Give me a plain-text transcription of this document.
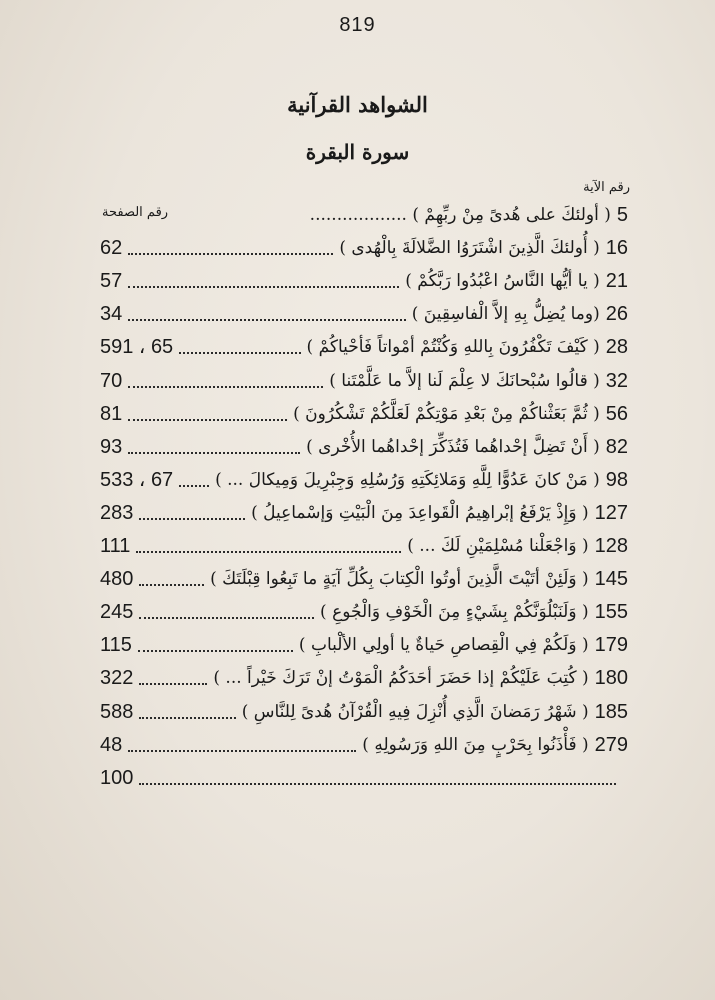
819
الشواهد القرآنية
سورة البقرة
رقم الآية
رقم الصفحة	5
( أولئكَ على هُدىً مِنْ ربِّهِمْ ) ..................
16
( أُولئكَ الَّذِينَ اشْتَرَوُا الضَّلالَةَ بِالْهُدى )
62
21
( يا أيُّها النَّاسُ اعْبُدُوا رَبَّكُمْ )
57
26
(وما يُضِلُّ بِهِ إلاَّ الْفاسِقِينَ )
34
28
( كَيْفَ تَكْفُرُونَ بِاللهِ وَكُنْتُمْ أمْواتاً فَأحْياكُمْ )
591 ، 65
32
( قالُوا سُبْحانَكَ لا عِلْمَ لَنا إلاَّ ما عَلَّمْتَنا )
70
56
( ثُمَّ بَعَثْناكُمْ مِنْ بَعْدِ مَوْتِكُمْ لَعَلَّكُمْ تَشْكُرُونَ )
81
82
( أَنْ تَضِلَّ إحْداهُما فَتُذَكِّرَ إحْداهُما الأُخْرى )
93
98
( مَنْ كانَ عَدُوًّا لِلَّهِ وَمَلائِكَتِهِ وَرُسُلِهِ وَجِبْرِيلَ وَمِيكالَ ... )
533 ، 67
127
( وَإِذْ يَرْفَعُ إبْراهِيمُ الْقَواعِدَ مِنَ الْبَيْتِ وَإسْماعِيلُ )
283
128
( وَاجْعَلْنا مُسْلِمَيْنِ لَكَ ... )
111
145
( وَلَئِنْ أتَيْتَ الَّذِينَ أوتُوا الْكِتابَ بِكُلِّ آيَةٍ ما تَبِعُوا قِبْلَتَكَ )
480
155
( وَلَنَبْلُوَنَّكُمْ بِشَيْءٍ مِنَ الْخَوْفِ وَالْجُوعِ )
245
179
( وَلَكُمْ فِي الْقِصاصِ حَياةٌ يا أولِي الألْبابِ )
115
180
( كُتِبَ عَلَيْكُمْ إذا حَضَرَ أحَدَكُمُ الْمَوْتُ إنْ تَرَكَ خَيْراً ... )
322
185
( شَهْرُ رَمَضانَ الَّذِي أُنْزِلَ فِيهِ الْقُرْآنُ هُدىً لِلنَّاسِ )
588
279
( فَأْذَنُوا بِحَرْبٍ مِنَ اللهِ وَرَسُولِهِ )
48
100
